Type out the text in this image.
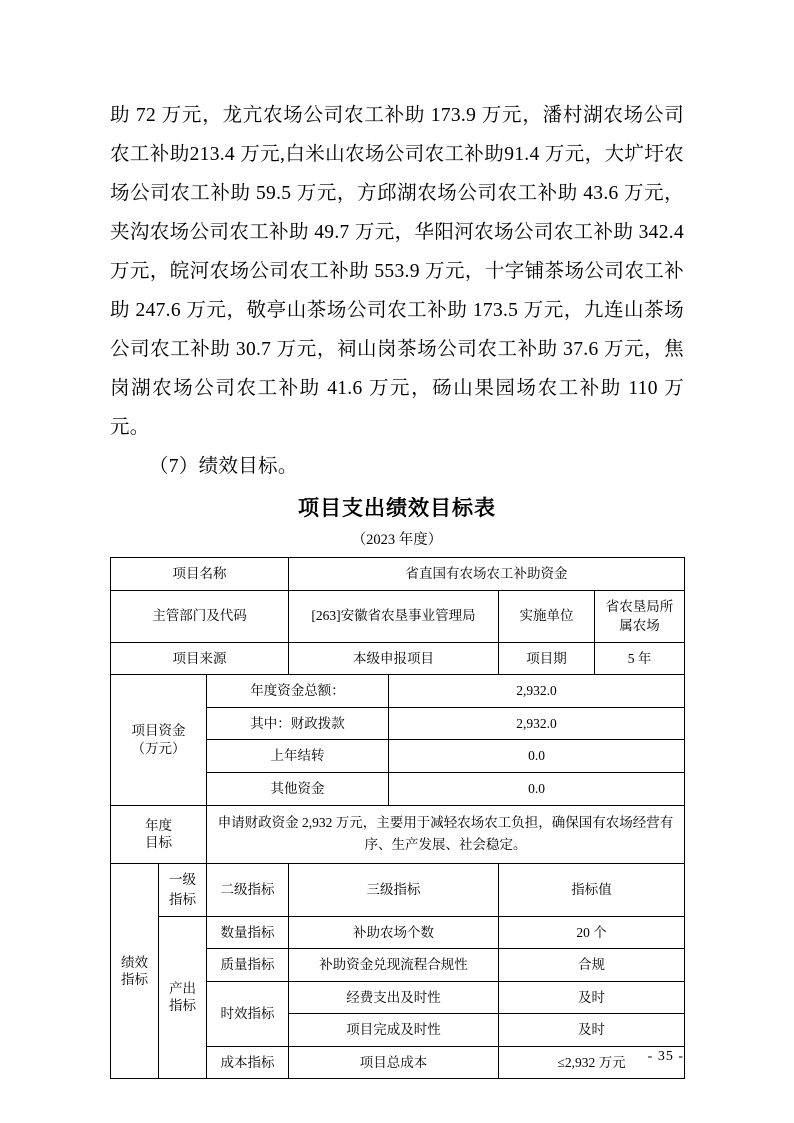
助 72 万元，龙亢农场公司农工补助 173.9 万元，潘村湖农场公司农工补助213.4 万元,白米山农场公司农工补助91.4 万元，大圹圩农场公司农工补助 59.5 万元，方邱湖农场公司农工补助 43.6 万元，夹沟农场公司农工补助 49.7 万元，华阳河农场公司农工补助 342.4 万元，皖河农场公司农工补助 553.9 万元，十字铺茶场公司农工补助 247.6 万元，敬亭山茶场公司农工补助 173.5 万元，九连山茶场公司农工补助 30.7 万元，祠山岗茶场公司农工补助 37.6 万元，焦岗湖农场公司农工补助 41.6 万元，砀山果园场农工补助 110 万元。

（7）绩效目标。

项目支出绩效目标表
（2023 年度）
项目名称			省直国有农场农工补助资金			
主管部门及代码			[263]安徽省农垦事业管理局		实施单位	省农垦局所属农场
项目来源			本级申报项目		项目期	5 年

项目资金
（万元）		年度资金总额：		2,932.0		
		其中：财政拨款		2,932.0		
		上年结转		0.0		
		其他资金		0.0		

年度
目标		申请财政资金 2,932 万元，主要用于减轻农场农工负担，确保国有农场经营有序、生产发展、社会稳定。				

绩效
指标	一级指标	二级指标	三级指标		指标值	

	产出
指标	数量指标	补助农场个数		20 个	
		质量指标	补助资金兑现流程合规性		合规	
		时效指标	经费支出及时性		及时	
			项目完成及时性		及时	
		成本指标	项目总成本		≤2,932 万元	- 35 -
